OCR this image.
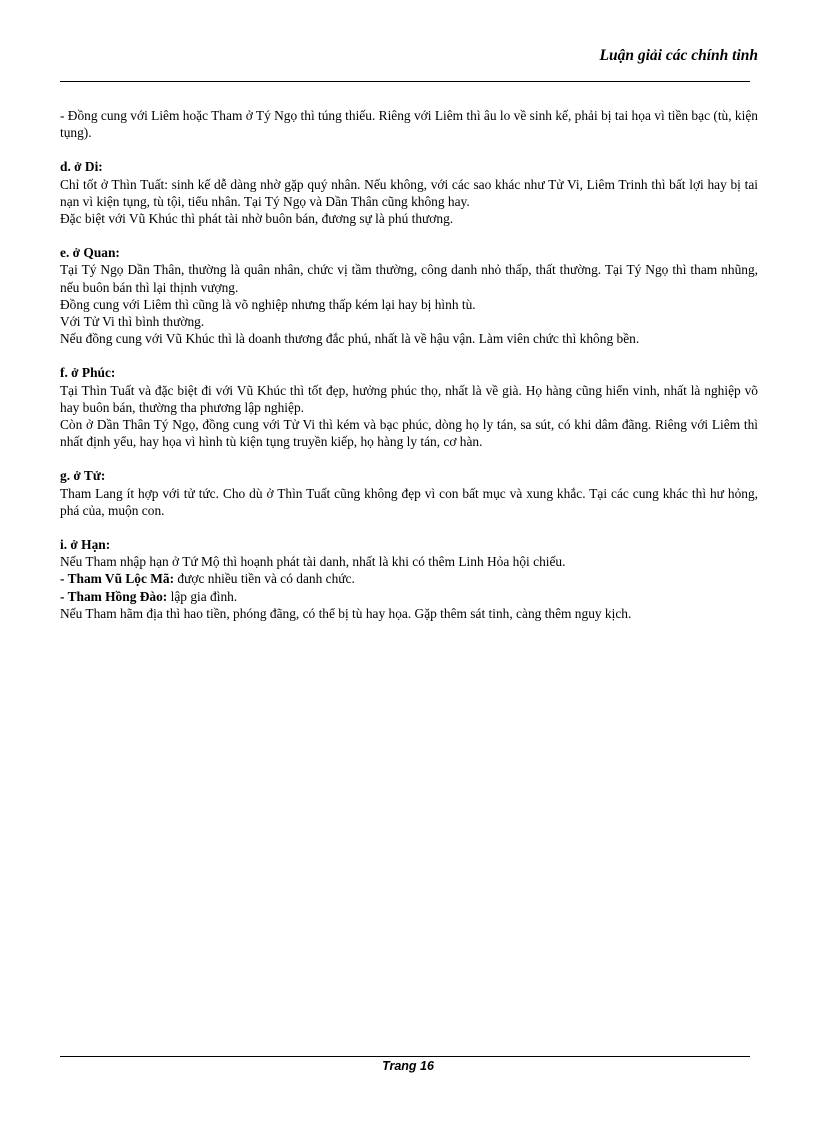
Luận giải các chính tinh

- Đồng cung với Liêm hoặc Tham ở Tý Ngọ thì túng thiếu. Riêng với Liêm thì âu lo về sinh kế, phải bị tai họa vì tiền bạc (tù, kiện tụng).

d. ở Di:

Chỉ tốt ở Thìn Tuất: sinh kế dễ dàng nhờ gặp quý nhân. Nếu không, với các sao khác như Tử Vi, Liêm Trinh thì bất lợi hay bị tai nạn vì kiện tụng, tù tội, tiểu nhân. Tại Tý Ngọ và Dần Thân cũng không hay.

Đặc biệt với Vũ Khúc thì phát tài nhờ buôn bán, đương sự là phú thương.

e. ở Quan:

Tại Tý Ngọ Dần Thân, thường là quân nhân, chức vị tầm thường, công danh nhỏ thấp, thất thường. Tại Tý Ngọ thì tham nhũng, nếu buôn bán thì lại thịnh vượng.

Đồng cung với Liêm thì cũng là võ nghiệp nhưng thấp kém lại hay bị hình tù.

Với Tử Vi thì bình thường.

Nếu đồng cung với Vũ Khúc thì là doanh thương đắc phú, nhất là về hậu vận. Làm viên chức thì không bền.

f. ở Phúc:

Tại Thìn Tuất và đặc biệt đi với Vũ Khúc thì tốt đẹp, hưởng phúc thọ, nhất là về già. Họ hàng cũng hiển vinh, nhất là nghiệp võ hay buôn bán, thường tha phương lập nghiệp.

Còn ở Dần Thân Tý Ngọ, đồng cung với Tử Vi thì kém và bạc phúc, dòng họ ly tán, sa sút, có khi dâm đãng. Riêng với Liêm thì nhất định yểu, hay họa vì hình tù kiện tụng truyền kiếp, họ hàng ly tán, cơ hàn.

g. ở Tử:

Tham Lang ít hợp với tử tức. Cho dù ở Thìn Tuất cũng không đẹp vì con bất mục và xung khắc. Tại các cung khác thì hư hỏng, phá của, muộn con.

i. ở Hạn:

Nếu Tham nhập hạn ở Tứ Mộ thì hoạnh phát tài danh, nhất là khi có thêm Linh Hỏa hội chiếu.

- Tham Vũ Lộc Mã: được nhiều tiền và có danh chức.

- Tham Hồng Đào: lập gia đình.

Nếu Tham hãm địa thì hao tiền, phóng đãng, có thể bị tù hay họa. Gặp thêm sát tinh, càng thêm nguy kịch.

Trang 16
